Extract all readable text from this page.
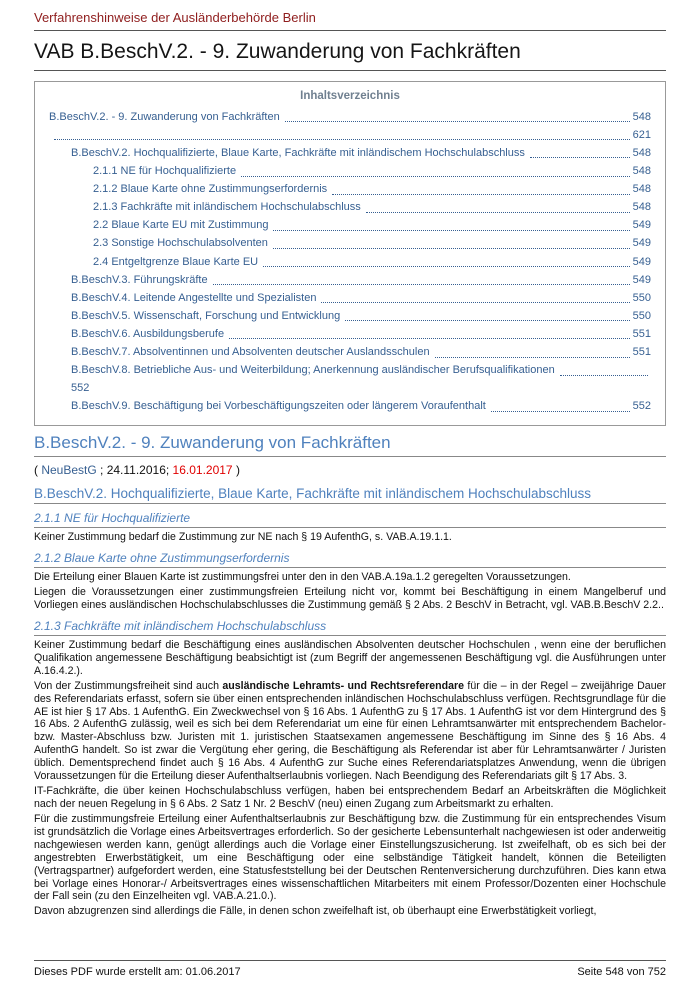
Verfahrenshinweise der Ausländerbehörde Berlin
VAB B.BeschV.2. - 9. Zuwanderung von Fachkräften
Inhaltsverzeichnis
B.BeschV.2. - 9. Zuwanderung von Fachkräften	548
621
B.BeschV.2. Hochqualifizierte, Blaue Karte, Fachkräfte mit inländischem Hochschulabschluss	548
2.1.1 NE für Hochqualifizierte	548
2.1.2 Blaue Karte ohne Zustimmungserfordernis	548
2.1.3 Fachkräfte mit inländischem Hochschulabschluss	548
2.2 Blaue Karte EU mit Zustimmung	549
2.3 Sonstige Hochschulabsolventen	549
2.4 Entgeltgrenze Blaue Karte EU	549
B.BeschV.3. Führungskräfte	549
B.BeschV.4. Leitende Angestellte und Spezialisten	550
B.BeschV.5. Wissenschaft, Forschung und Entwicklung	550
B.BeschV.6. Ausbildungsberufe	551
B.BeschV.7. Absolventinnen und Absolventen deutscher Auslandsschulen	551
B.BeschV.8. Betriebliche Aus- und Weiterbildung; Anerkennung ausländischer Berufsqualifikationen
552
B.BeschV.9. Beschäftigung bei Vorbeschäftigungszeiten oder längerem Voraufenthalt	552
B.BeschV.2. - 9. Zuwanderung von Fachkräften

( NeuBestG ; 24.11.2016; 16.01.2017 )

B.BeschV.2. Hochqualifizierte, Blaue Karte, Fachkräfte mit inländischem Hochschulabschluss
2.1.1 NE für Hochqualifizierte

Keiner Zustimmung bedarf die Zustimmung zur NE nach § 19 AufenthG, s. VAB.A.19.1.1.

2.1.2 Blaue Karte ohne Zustimmungserfordernis

Die Erteilung einer Blauen Karte ist zustimmungsfrei unter den in den VAB.A.19a.1.2 geregelten Voraussetzungen.

Liegen die Voraussetzungen einer zustimmungsfreien Erteilung nicht vor, kommt bei Beschäftigung in einem Mangelberuf und Vorliegen eines ausländischen Hochschulabschlusses die Zustimmung gemäß § 2 Abs. 2 BeschV in Betracht, vgl. VAB.B.BeschV 2.2..

2.1.3 Fachkräfte mit inländischem Hochschulabschluss

Keiner Zustimmung bedarf die Beschäftigung eines ausländischen Absolventen deutscher Hochschulen , wenn eine der beruflichen Qualifikation angemessene Beschäftigung beabsichtigt ist (zum Begriff der angemessenen Beschäftigung vgl. die Ausführungen unter A.16.4.2.).

Von der Zustimmungsfreiheit sind auch ausländische Lehramts- und Rechtsreferendare für die – in der Regel – zweijährige Dauer des Referendariats erfasst, sofern sie über einen entsprechenden inländischen Hochschulabschluss verfügen. Rechtsgrundlage für die AE ist hier § 17 Abs. 1 AufenthG. Ein Zweckwechsel von § 16 Abs. 1 AufenthG zu § 17 Abs. 1 AufenthG ist vor dem Hintergrund des § 16 Abs. 2 AufenthG zulässig, weil es sich bei dem Referendariat um eine für einen Lehramtsanwärter mit entsprechendem Bachelor- bzw. Master-Abschluss bzw. Juristen mit 1. juristischen Staatsexamen angemessene Beschäftigung im Sinne des § 16 Abs. 4 AufenthG handelt. So ist zwar die Vergütung eher gering, die Beschäftigung als Referendar ist aber für Lehramtsanwärter / Juristen üblich. Dementsprechend findet auch § 16 Abs. 4 AufenthG zur Suche eines Referendariatsplatzes Anwendung, wenn die übrigen Voraussetzungen für die Erteilung dieser Aufenthaltserlaubnis vorliegen. Nach Beendigung des Referendariats gilt § 17 Abs. 3.

IT-Fachkräfte, die über keinen Hochschulabschluss verfügen, haben bei entsprechendem Bedarf an Arbeitskräften die Möglichkeit nach der neuen Regelung in § 6 Abs. 2 Satz 1 Nr. 2 BeschV (neu) einen Zugang zum Arbeitsmarkt zu erhalten.

Für die zustimmungsfreie Erteilung einer Aufenthaltserlaubnis zur Beschäftigung bzw. die Zustimmung für ein entsprechendes Visum ist grundsätzlich die Vorlage eines Arbeitsvertrages erforderlich. So der gesicherte Lebensunterhalt nachgewiesen ist oder anderweitig nachgewiesen werden kann, genügt allerdings auch die Vorlage einer Einstellungszusicherung. Ist zweifelhaft, ob es sich bei der angestrebten Erwerbstätigkeit, um eine Beschäftigung oder eine selbständige Tätigkeit handelt, können die Beteiligten (Vertragspartner) aufgefordert werden, eine Statusfeststellung bei der Deutschen Rentenversicherung durchzuführen. Dies kann etwa bei Vorlage eines Honorar-/ Arbeitsvertrages eines wissenschaftlichen Mitarbeiters mit einem Professor/Dozenten einer Hochschule der Fall sein (zu den Einzelheiten vgl. VAB.A.21.0.).

Davon abzugrenzen sind allerdings die Fälle, in denen schon zweifelhaft ist, ob überhaupt eine Erwerbstätigkeit vorliegt,

Dieses PDF wurde erstellt am: 01.06.2017	Seite 548 von 752
